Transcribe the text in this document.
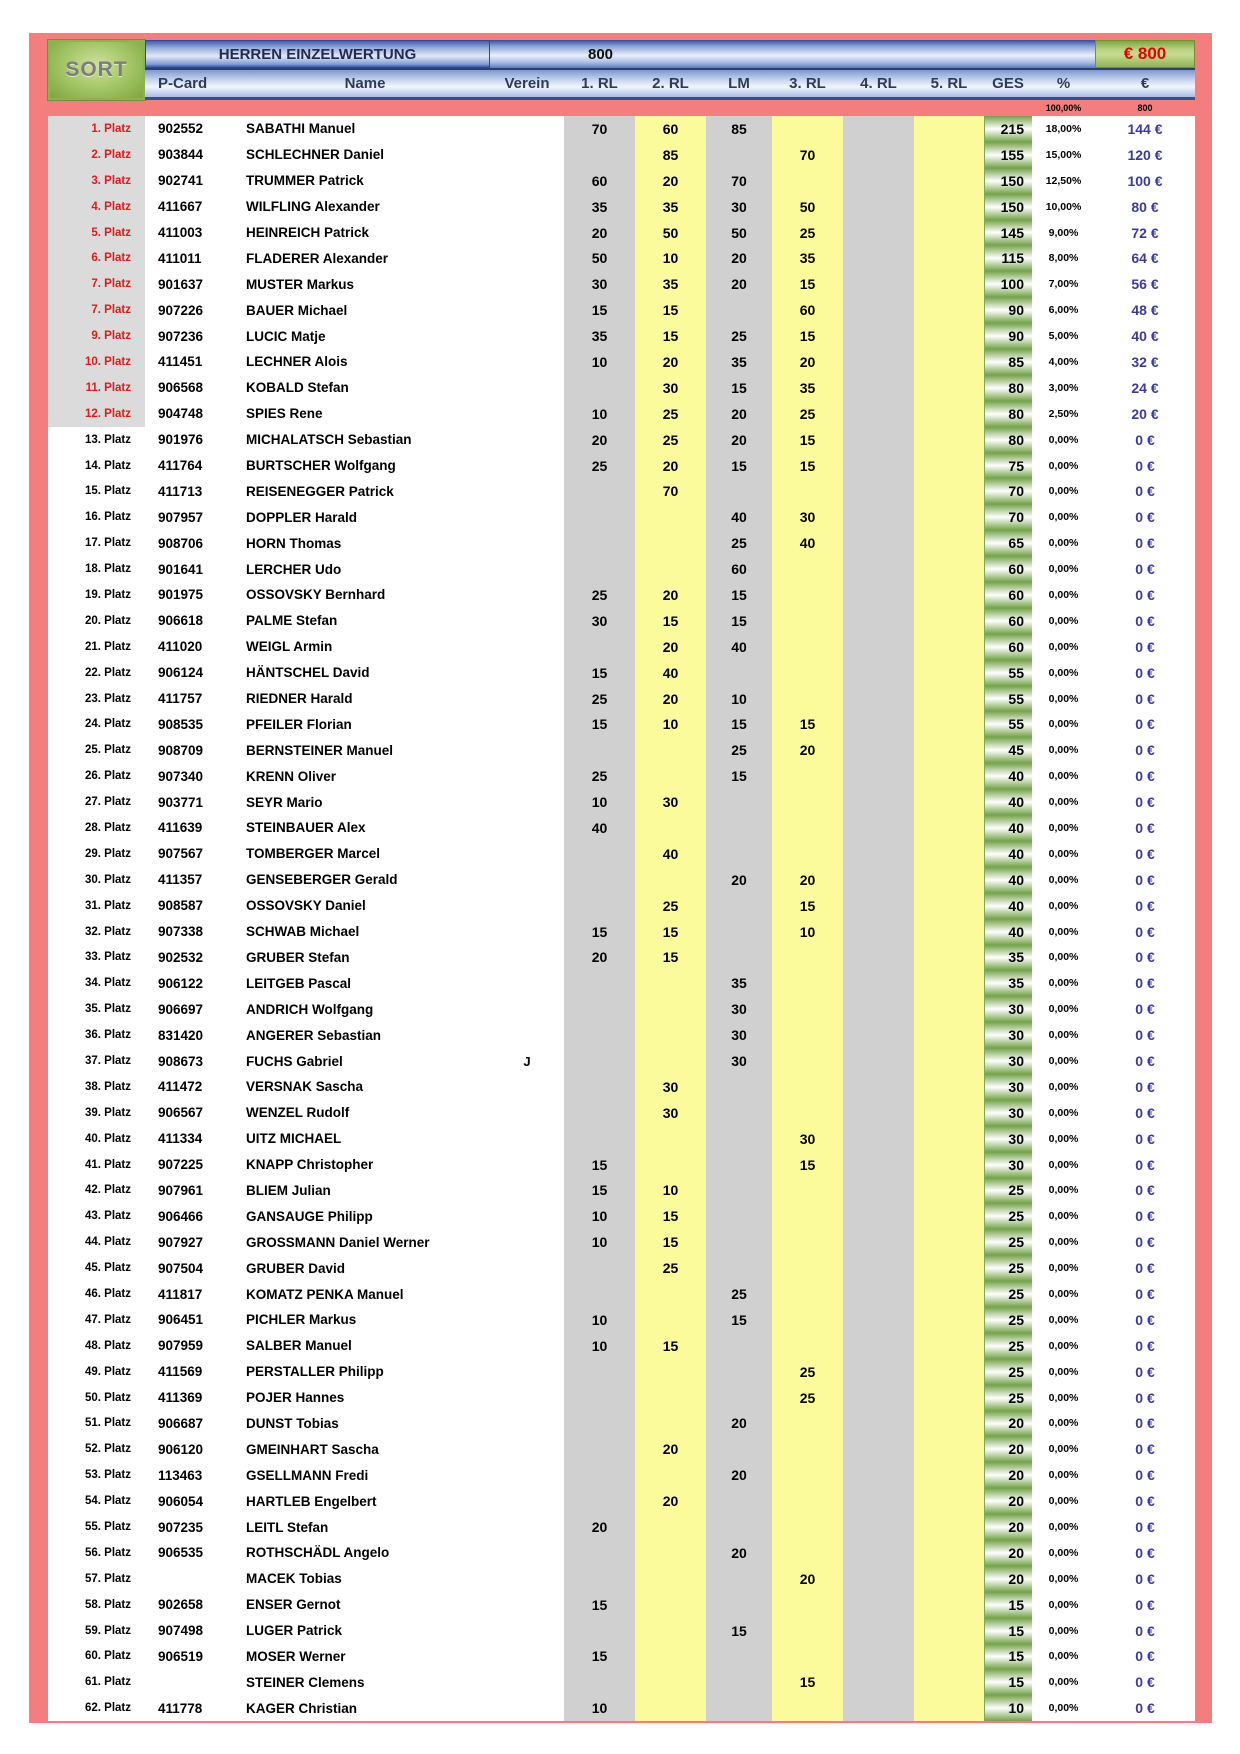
SORT
HERREN EINZELWERTUNG	800	€ 800
P-Card	Name	Verein	1. RL	2. RL	LM	3. RL	4. RL	5. RL	GES	%	€
100,00%	800
1. Platz	902552	SABATHI Manuel		70	60	85				215	18,00%	144 €
2. Platz	903844	SCHLECHNER Daniel			85		70			155	15,00%	120 €
3. Platz	902741	TRUMMER Patrick		60	20	70				150	12,50%	100 €
4. Platz	411667	WILFLING Alexander		35	35	30	50			150	10,00%	80 €
5. Platz	411003	HEINREICH Patrick		20	50	50	25			145	9,00%	72 €
6. Platz	411011	FLADERER Alexander		50	10	20	35			115	8,00%	64 €
7. Platz	901637	MUSTER Markus		30	35	20	15			100	7,00%	56 €
7. Platz	907226	BAUER Michael		15	15		60			90	6,00%	48 €
9. Platz	907236	LUCIC Matje		35	15	25	15			90	5,00%	40 €
10. Platz	411451	LECHNER Alois		10	20	35	20			85	4,00%	32 €
11. Platz	906568	KOBALD Stefan			30	15	35			80	3,00%	24 €
12. Platz	904748	SPIES Rene		10	25	20	25			80	2,50%	20 €
13. Platz	901976	MICHALATSCH Sebastian		20	25	20	15			80	0,00%	0 €
14. Platz	411764	BURTSCHER Wolfgang		25	20	15	15			75	0,00%	0 €
15. Platz	411713	REISENEGGER Patrick			70					70	0,00%	0 €
16. Platz	907957	DOPPLER Harald				40	30			70	0,00%	0 €
17. Platz	908706	HORN Thomas				25	40			65	0,00%	0 €
18. Platz	901641	LERCHER Udo				60				60	0,00%	0 €
19. Platz	901975	OSSOVSKY Bernhard		25	20	15				60	0,00%	0 €
20. Platz	906618	PALME Stefan		30	15	15				60	0,00%	0 €
21. Platz	411020	WEIGL Armin			20	40				60	0,00%	0 €
22. Platz	906124	HÄNTSCHEL David		15	40					55	0,00%	0 €
23. Platz	411757	RIEDNER Harald		25	20	10				55	0,00%	0 €
24. Platz	908535	PFEILER Florian		15	10	15	15			55	0,00%	0 €
25. Platz	908709	BERNSTEINER Manuel				25	20			45	0,00%	0 €
26. Platz	907340	KRENN Oliver		25		15				40	0,00%	0 €
27. Platz	903771	SEYR Mario		10	30					40	0,00%	0 €
28. Platz	411639	STEINBAUER Alex		40						40	0,00%	0 €
29. Platz	907567	TOMBERGER Marcel			40					40	0,00%	0 €
30. Platz	411357	GENSEBERGER Gerald				20	20			40	0,00%	0 €
31. Platz	908587	OSSOVSKY Daniel			25		15			40	0,00%	0 €
32. Platz	907338	SCHWAB Michael		15	15		10			40	0,00%	0 €
33. Platz	902532	GRUBER Stefan		20	15					35	0,00%	0 €
34. Platz	906122	LEITGEB Pascal				35				35	0,00%	0 €
35. Platz	906697	ANDRICH Wolfgang				30				30	0,00%	0 €
36. Platz	831420	ANGERER Sebastian				30				30	0,00%	0 €
37. Platz	908673	FUCHS Gabriel	J			30				30	0,00%	0 €
38. Platz	411472	VERSNAK Sascha			30					30	0,00%	0 €
39. Platz	906567	WENZEL Rudolf			30					30	0,00%	0 €
40. Platz	411334	UITZ MICHAEL					30			30	0,00%	0 €
41. Platz	907225	KNAPP Christopher		15			15			30	0,00%	0 €
42. Platz	907961	BLIEM Julian		15	10					25	0,00%	0 €
43. Platz	906466	GANSAUGE Philipp		10	15					25	0,00%	0 €
44. Platz	907927	GROSSMANN Daniel Werner		10	15					25	0,00%	0 €
45. Platz	907504	GRUBER David			25					25	0,00%	0 €
46. Platz	411817	KOMATZ PENKA Manuel				25				25	0,00%	0 €
47. Platz	906451	PICHLER Markus		10		15				25	0,00%	0 €
48. Platz	907959	SALBER Manuel		10	15					25	0,00%	0 €
49. Platz	411569	PERSTALLER Philipp					25			25	0,00%	0 €
50. Platz	411369	POJER Hannes					25			25	0,00%	0 €
51. Platz	906687	DUNST Tobias				20				20	0,00%	0 €
52. Platz	906120	GMEINHART Sascha			20					20	0,00%	0 €
53. Platz	113463	GSELLMANN Fredi				20				20	0,00%	0 €
54. Platz	906054	HARTLEB Engelbert			20					20	0,00%	0 €
55. Platz	907235	LEITL Stefan		20						20	0,00%	0 €
56. Platz	906535	ROTHSCHÄDL Angelo				20				20	0,00%	0 €
57. Platz		MACEK Tobias					20			20	0,00%	0 €
58. Platz	902658	ENSER Gernot		15						15	0,00%	0 €
59. Platz	907498	LUGER Patrick				15				15	0,00%	0 €
60. Platz	906519	MOSER Werner		15						15	0,00%	0 €
61. Platz		STEINER Clemens					15			15	0,00%	0 €
62. Platz	411778	KAGER Christian		10						10	0,00%	0 €
